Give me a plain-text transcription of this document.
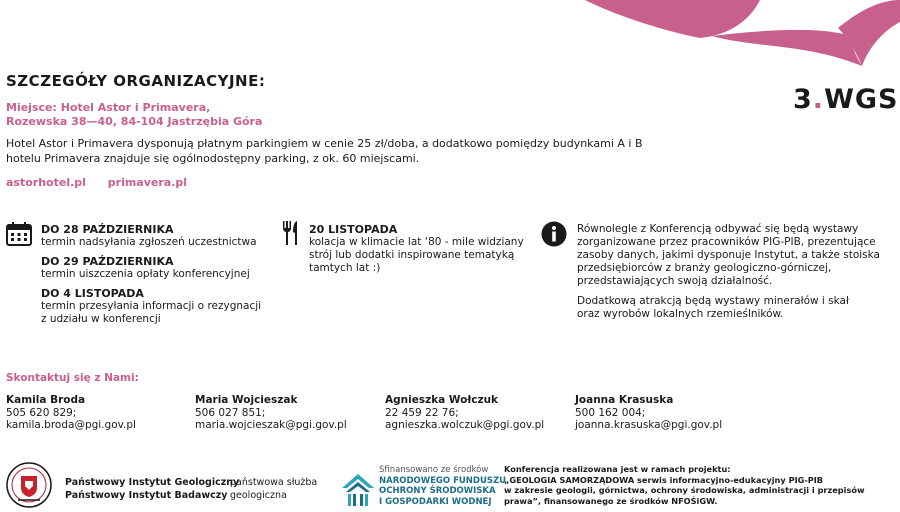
3.WGS
SZCZEGÓŁY ORGANIZACYJNE:
Miejsce: Hotel Astor i Primavera,
Rozewska 38—40, 84-104 Jastrzębia Góra
Hotel Astor i Primavera dysponują płatnym parkingiem w cenie 25 zł/doba, a dodatkowo pomiędzy budynkami A i B
hotelu Primavera znajduje się ogólnodostępny parking, z ok. 60 miejscami.
astorhotel.pl primavera.pl
DO 28 PAŹDZIERNIKA
termin nadsyłania zgłoszeń uczestnictwa
DO 29 PAŹDZIERNIKA
termin uiszczenia opłaty konferencyjnej
DO 4 LISTOPADA
termin przesyłania informacji o rezygnacji
z udziału w konferencji
20 LISTOPADA
kolacja w klimacie lat ‘80 - mile widziany
strój lub dodatki inspirowane tematyką
tamtych lat :)
Równolegle z Konferencją odbywać się będą wystawy
zorganizowane przez pracowników PIG-PIB, prezentujące
zasoby danych, jakimi dysponuje Instytut, a także stoiska
przedsiębiorców z branży geologiczno-górniczej,
przedstawiających swoją działalność.
Dodatkową atrakcją będą wystawy minerałów i skał
oraz wyrobów lokalnych rzemieślników.
Skontaktuj się z Nami:
Kamila Broda
505 620 829;
kamila.broda@pgi.gov.pl
Maria Wojcieszak
506 027 851;
maria.wojcieszak@pgi.gov.pl
Agnieszka Wołczuk
22 459 22 76;
agnieszka.wolczuk@pgi.gov.pl
Joanna Krasuska
500 162 004;
joanna.krasuska@pgi.gov.pl
Państwowy Instytut Geologiczny
Państwowy Instytut Badawczy
państwowa służba
geologiczna
Sfinansowano ze środków
NARODOWEGO FUNDUSZU
OCHRONY ŚRODOWISKA
I GOSPODARKI WODNEJ
Konferencja realizowana jest w ramach projektu:
„GEOLOGIA SAMORZĄDOWA serwis informacyjno-edukacyjny PIG-PIB
w zakresie geologii, górnictwa, ochrony środowiska, administracji i przepisów
prawa”, finansowanego ze środków NFOŚiGW.
